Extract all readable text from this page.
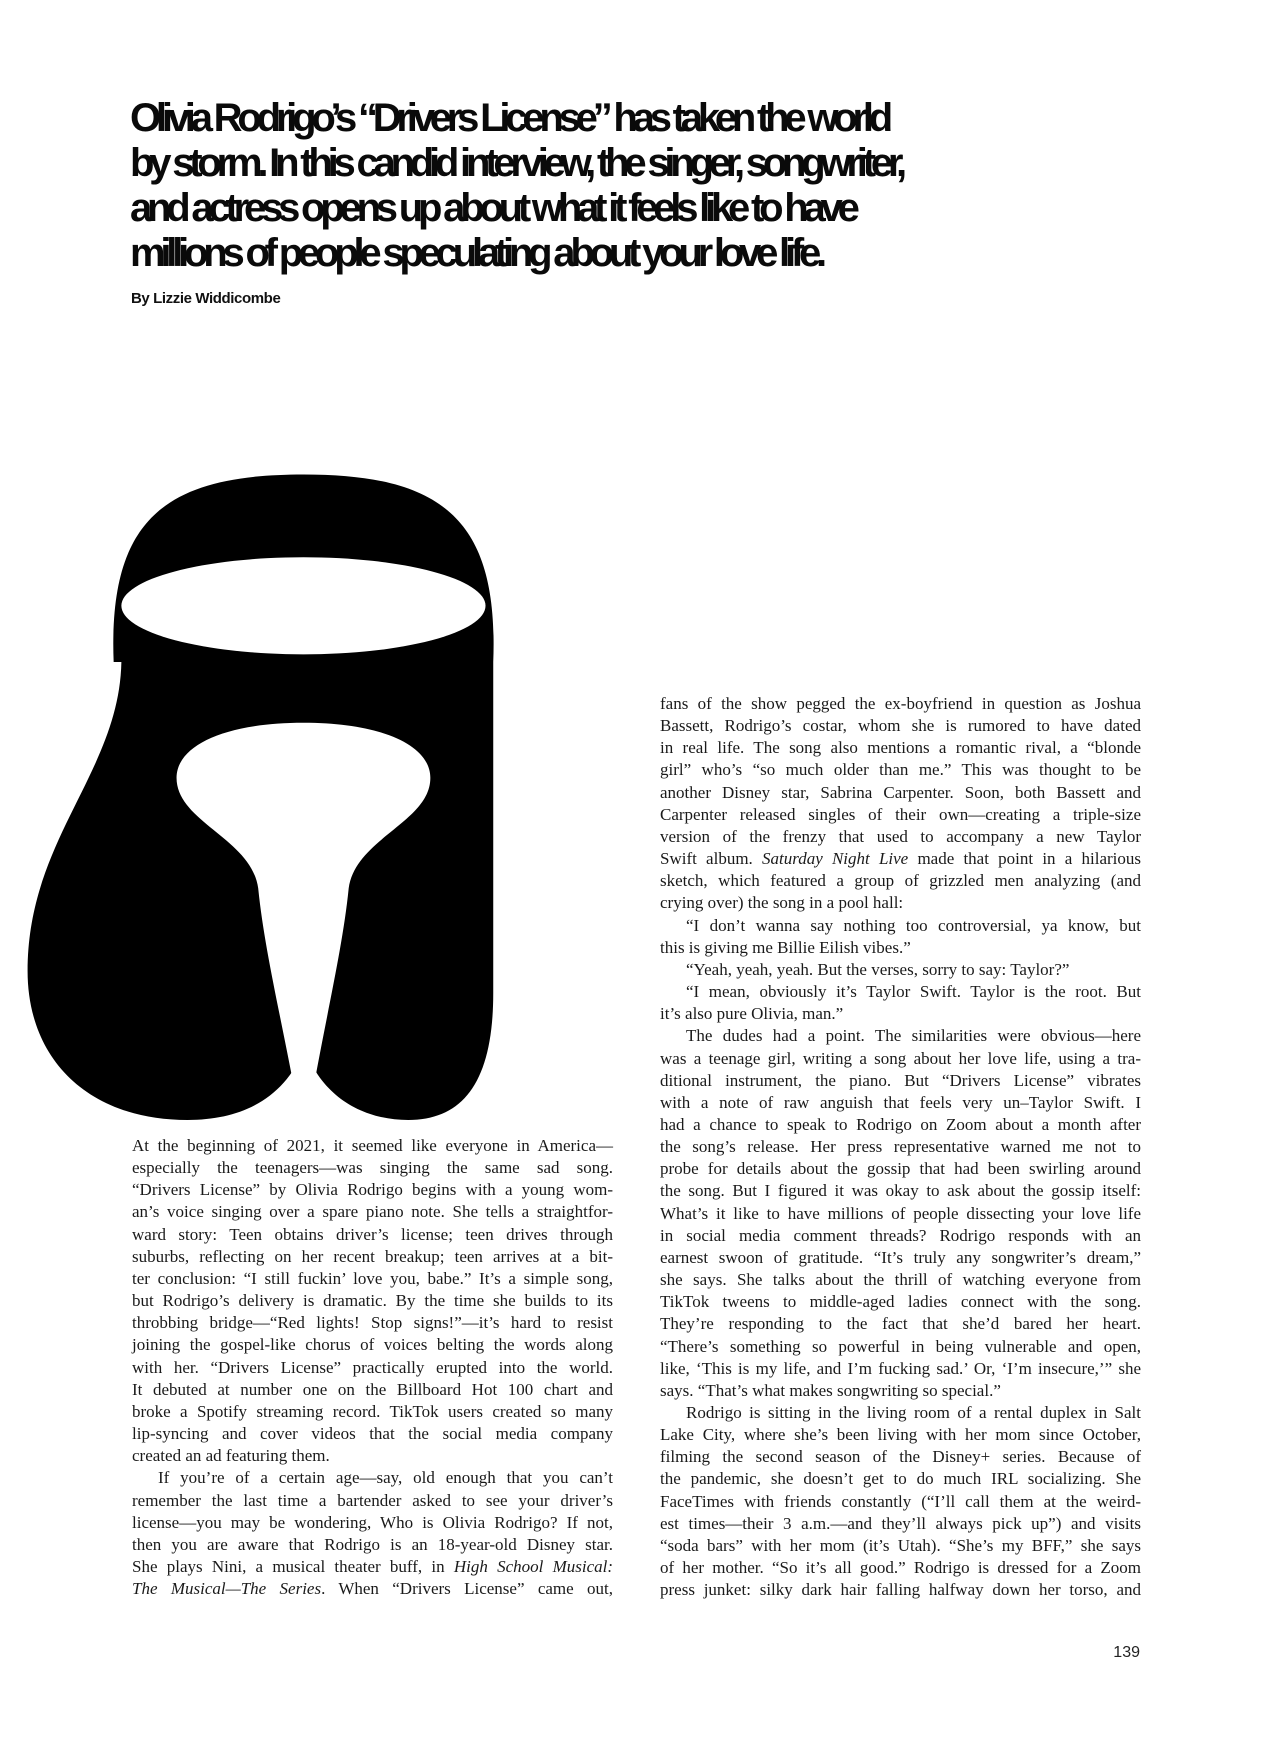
Olivia Rodrigo’s “Drivers License” has taken the world
by storm. In this candid interview, the singer, songwriter,
and actress opens up about what it feels like to have
millions of people speculating about your love life.
By Lizzie Widdicombe
At the beginning of 2021, it seemed like everyone in America—
especially the teenagers—was singing the same sad song.
“Drivers License” by Olivia Rodrigo begins with a young wom-
an’s voice singing over a spare piano note. She tells a straightfor-
ward story: Teen obtains driver’s license; teen drives through
suburbs, reflecting on her recent breakup; teen arrives at a bit-
ter conclusion: “I still fuckin’ love you, babe.” It’s a simple song,
but Rodrigo’s delivery is dramatic. By the time she builds to its
throbbing bridge—“Red lights! Stop signs!”—it’s hard to resist
joining the gospel-like chorus of voices belting the words along
with her. “Drivers License” practically erupted into the world.
It debuted at number one on the Billboard Hot 100 chart and
broke a Spotify streaming record. TikTok users created so many
lip-syncing and cover videos that the social media company
created an ad featuring them.
If you’re of a certain age—say, old enough that you can’t
remember the last time a bartender asked to see your driver’s
license—you may be wondering, Who is Olivia Rodrigo? If not,
then you are aware that Rodrigo is an 18-year-old Disney star.
She plays Nini, a musical theater buff, in High School Musical:
The Musical—The Series. When “Drivers License” came out,
fans of the show pegged the ex-boyfriend in question as Joshua
Bassett, Rodrigo’s costar, whom she is rumored to have dated
in real life. The song also mentions a romantic rival, a “blonde
girl” who’s “so much older than me.” This was thought to be
another Disney star, Sabrina Carpenter. Soon, both Bassett and
Carpenter released singles of their own—creating a triple-size
version of the frenzy that used to accompany a new Taylor
Swift album. Saturday Night Live made that point in a hilarious
sketch, which featured a group of grizzled men analyzing (and
crying over) the song in a pool hall:
“I don’t wanna say nothing too controversial, ya know, but
this is giving me Billie Eilish vibes.”
“Yeah, yeah, yeah. But the verses, sorry to say: Taylor?”
“I mean, obviously it’s Taylor Swift. Taylor is the root. But
it’s also pure Olivia, man.”
The dudes had a point. The similarities were obvious—here
was a teenage girl, writing a song about her love life, using a tra-
ditional instrument, the piano. But “Drivers License” vibrates
with a note of raw anguish that feels very un–Taylor Swift. I
had a chance to speak to Rodrigo on Zoom about a month after
the song’s release. Her press representative warned me not to
probe for details about the gossip that had been swirling around
the song. But I figured it was okay to ask about the gossip itself:
What’s it like to have millions of people dissecting your love life
in social media comment threads? Rodrigo responds with an
earnest swoon of gratitude. “It’s truly any songwriter’s dream,”
she says. She talks about the thrill of watching everyone from
TikTok tweens to middle-aged ladies connect with the song.
They’re responding to the fact that she’d bared her heart.
“There’s something so powerful in being vulnerable and open,
like, ‘This is my life, and I’m fucking sad.’ Or, ‘I’m insecure,’” she
says. “That’s what makes songwriting so special.”
Rodrigo is sitting in the living room of a rental duplex in Salt
Lake City, where she’s been living with her mom since October,
filming the second season of the Disney+ series. Because of
the pandemic, she doesn’t get to do much IRL socializing. She
FaceTimes with friends constantly (“I’ll call them at the weird-
est times—their 3 a.m.—and they’ll always pick up”) and visits
“soda bars” with her mom (it’s Utah). “She’s my BFF,” she says
of her mother. “So it’s all good.” Rodrigo is dressed for a Zoom
press junket: silky dark hair falling halfway down her torso, and
139
